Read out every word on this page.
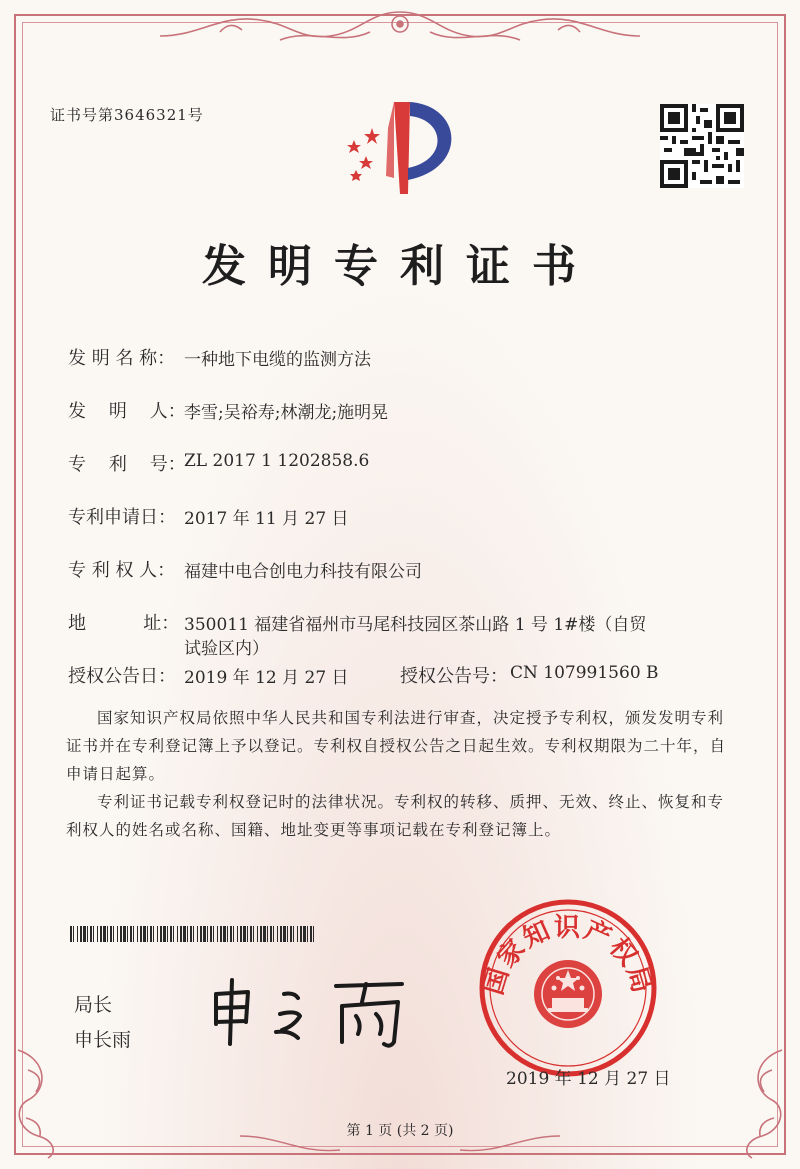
证书号第3646321号
发明专利证书
发 明 名 称： 一种地下电缆的监测方法
发    明    人：
李雪;吴裕寿;林潮龙;施明晃
专    利    号：
ZL 2017 1 1202858.6
专利申请日： 2017 年 11 月 27 日
专 利 权 人： 福建中电合创电力科技有限公司
地          址： 350011 福建省福州市马尾科技园区茶山路 1 号 1#楼（自贸
试验区内）
授权公告日： 2019 年 12 月 27 日	授权公告号： CN 107991560 B
国家知识产权局依照中华人民共和国专利法进行审查，决定授予专利权，颁发发明专利证书并在专利登记簿上予以登记。专利权自授权公告之日起生效。专利权期限为二十年，自申请日起算。
专利证书记载专利权登记时的法律状况。专利权的转移、质押、无效、终止、恢复和专利权人的姓名或名称、国籍、地址变更等事项记载在专利登记簿上。
局长
申长雨
国家知识产权局
2019 年 12 月 27 日
第 1 页 (共 2 页)
